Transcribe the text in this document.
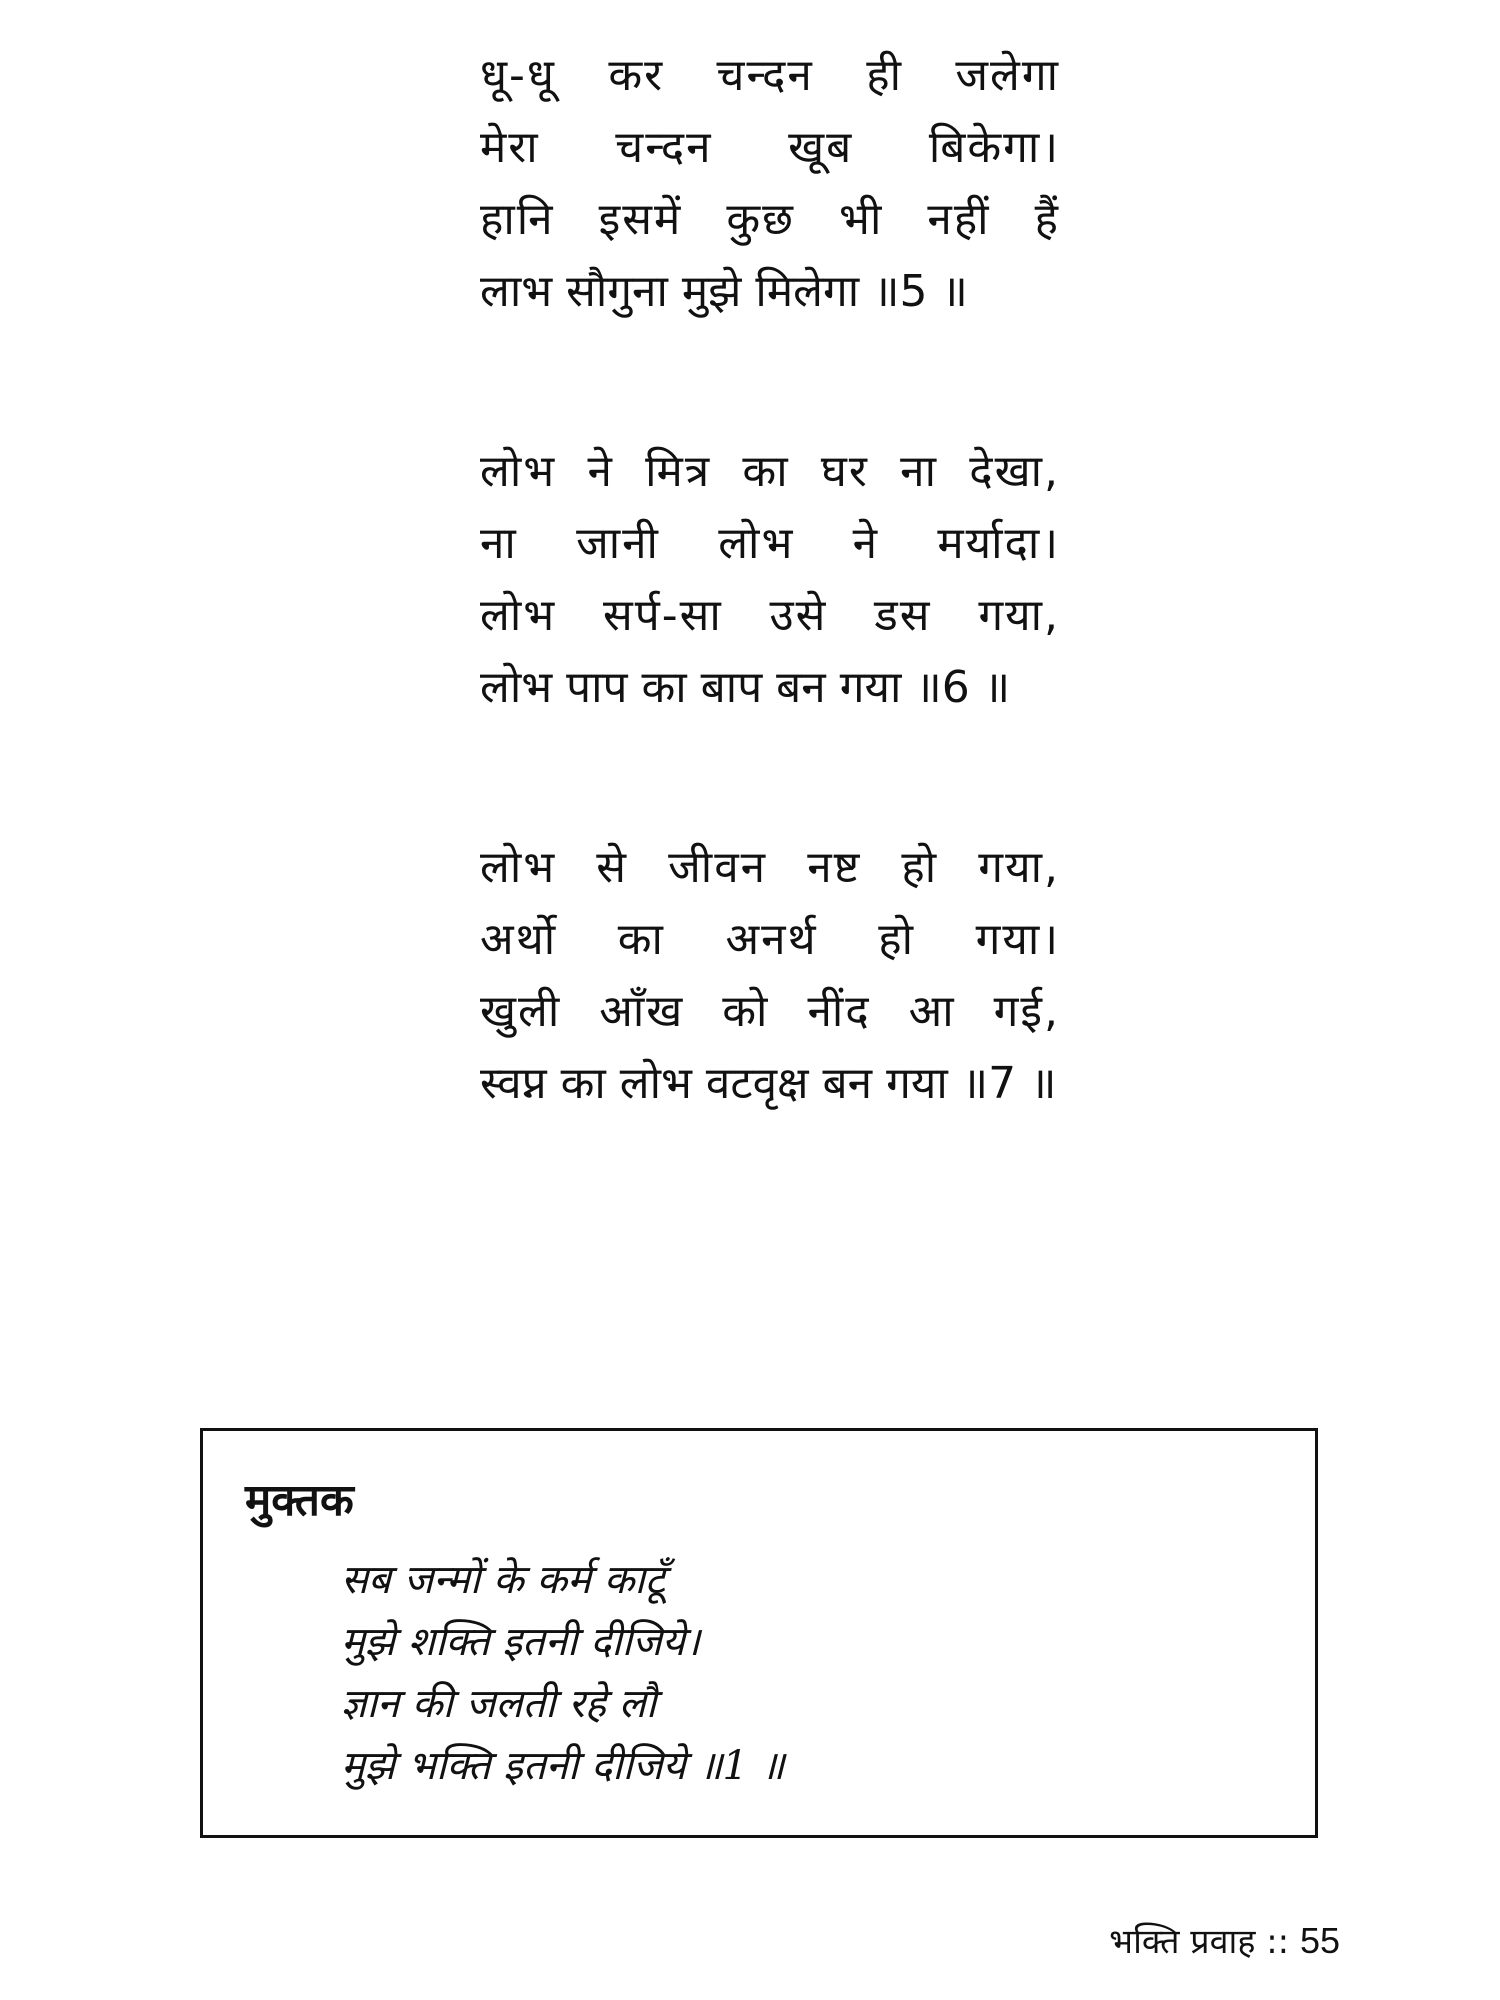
धू-धू कर चन्दन ही जलेगा

मेरा चन्दन खूब बिकेगा।

हानि इसमें कुछ भी नहीं हैं

लाभ सौगुना मुझे मिलेगा ॥5 ॥

लोभ ने मित्र का घर ना देखा,

ना जानी लोभ ने मर्यादा।

लोभ सर्प-सा उसे डस गया,

लोभ पाप का बाप बन गया ॥6 ॥

लोभ से जीवन नष्ट हो गया,

अर्थो का अनर्थ हो गया।

खुली आँख को नींद आ गई,

स्वप्न का लोभ वटवृक्ष बन गया ॥7 ॥

मुक्तक

सब जन्मों के कर्म काटूँ

मुझे शक्ति इतनी दीजिये।

ज्ञान की जलती रहे लौ

मुझे भक्ति इतनी दीजिये ॥1 ॥

भक्ति प्रवाह :: 55
